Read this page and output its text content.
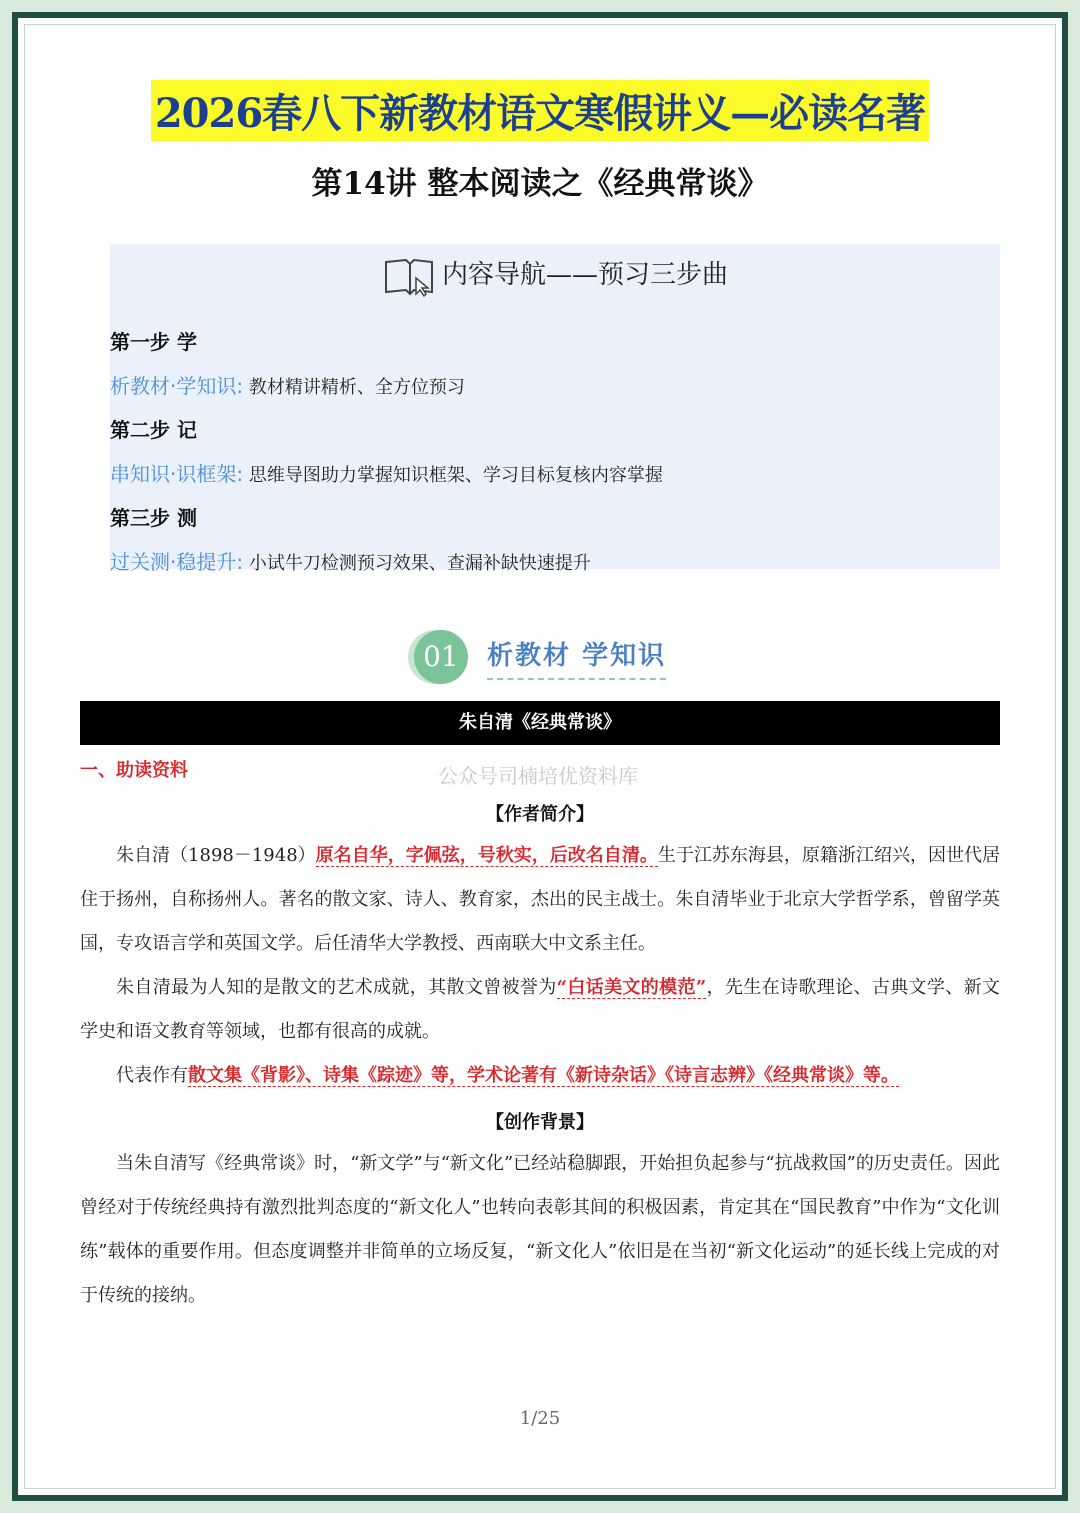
2026春八下新教材语文寒假讲义—必读名著
第14讲 整本阅读之《经典常谈》
内容导航——预习三步曲
第一步 学
析教材·学知识: 教材精讲精析、全方位预习
第二步 记
串知识·识框架: 思维导图助力掌握知识框架、学习目标复核内容掌握
第三步 测
过关测·稳提升: 小试牛刀检测预习效果、查漏补缺快速提升
01 析教材 学知识
朱自清《经典常谈》
一、助读资料	公众号司楠培优资料库
【作者简介】

朱自清（1898－1948）原名自华，字佩弦，号秋实，后改名自清。生于江苏东海县，原籍浙江绍兴，因世代居住于扬州，自称扬州人。著名的散文家、诗人、教育家，杰出的民主战士。朱自清毕业于北京大学哲学系，曾留学英国，专攻语言学和英国文学。后任清华大学教授、西南联大中文系主任。

朱自清最为人知的是散文的艺术成就，其散文曾被誉为“白话美文的模范”，先生在诗歌理论、古典文学、新文学史和语文教育等领域，也都有很高的成就。

代表作有散文集《背影》、诗集《踪迹》等，学术论著有《新诗杂话》《诗言志辨》《经典常谈》等。

【创作背景】

当朱自清写《经典常谈》时，“新文学”与“新文化”已经站稳脚跟，开始担负起参与“抗战救国”的历史责任。因此曾经对于传统经典持有激烈批判态度的“新文化人”也转向表彰其间的积极因素，肯定其在“国民教育”中作为“文化训练”载体的重要作用。但态度调整并非简单的立场反复，“新文化人”依旧是在当初“新文化运动”的延长线上完成的对于传统的接纳。

1/25
